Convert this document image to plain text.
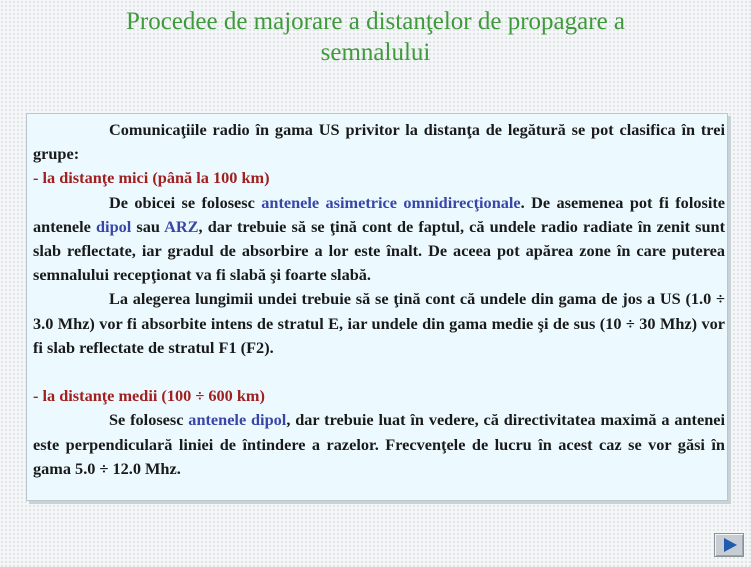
Procedee de majorare a distanţelor de propagare a
semnalului

Comunicaţiile radio în gama US privitor la distanţa de legătură se pot clasifica în trei grupe:

- la distanţe mici (până la 100 km)

De obicei se folosesc antenele asimetrice omnidirecţionale. De asemenea pot fi folosite antenele dipol sau ARZ, dar trebuie să se ţină cont de faptul, că undele radio radiate în zenit sunt slab reflectate, iar gradul de absorbire a lor este înalt. De aceea pot apărea zone în care puterea semnalului recepţionat va fi slabă şi foarte slabă.

La alegerea lungimii undei trebuie să se ţină cont că undele din gama de jos a US (1.0 ÷ 3.0 Mhz) vor fi absorbite intens de stratul E, iar undele din gama medie şi de sus (10 ÷ 30 Mhz) vor fi slab reflectate de stratul F1 (F2).

- la distanţe medii (100 ÷ 600 km)

Se folosesc antenele dipol, dar trebuie luat în vedere, că directivitatea maximă a antenei este perpendiculară liniei de întindere a razelor. Frecvenţele de lucru în acest caz se vor găsi în gama 5.0 ÷ 12.0 Mhz.
